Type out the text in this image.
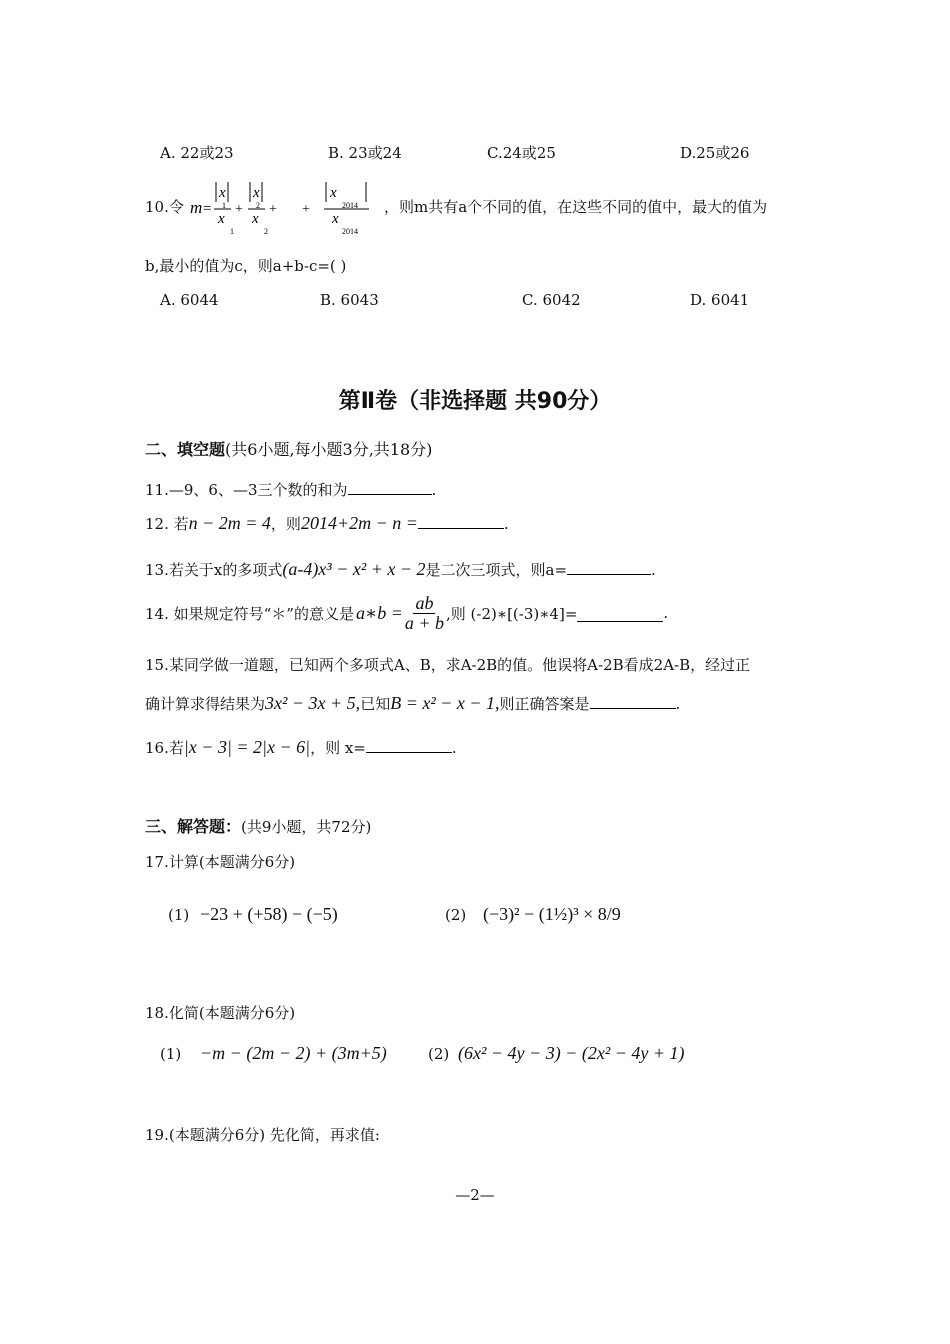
A. 22或23	B. 23或24	C.24或25	D.25或26
10.令 m =
x
1
x
1
+
x
2
x
2
+ +
x
2014
x
2014
，则m共有a个不同的值，在这些不同的值中，最大的值为
b,最小的值为c，则a+b-c=( )
A. 6044	B. 6043	C. 6042	D. 6041
第Ⅱ卷（非选择题 共90分）
二、填空题(共6小题,每小题3分,共18分)
11.—9、6、—3三个数的和为	.
12. 若n − 2m = 4，则2014+2m − n =	.
13.若关于x的多项式(a-4)x³ − x² + x − 2是二次三项式，则a=	.
14. 如果规定符号“＊”的意义是 a∗b = $\frac{ab}{a + b}$ ,则 (-2)∗[(-3)∗4]=	.
15.某同学做一道题，已知两个多项式A、B，求A-2B的值。他误将A-2B看成2A-B，经过正
确计算求得结果为3x² − 3x + 5,已知B = x² − x − 1,则正确答案是	.
16.若|x − 3| = 2|x − 6|，则 x=	.
三、解答题：(共9小题，共72分)
17.计算(本题满分6分)
(1) −23 + (+58) − (−5)	(2) (−3)² − (1½)³ × 8/9
18.化简(本题满分6分)
(1) −m − (2m − 2) + (3m+5)	(2) (6x² − 4y − 3) − (2x² − 4y + 1)
19.(本题满分6分) 先化简，再求值:
—2—
